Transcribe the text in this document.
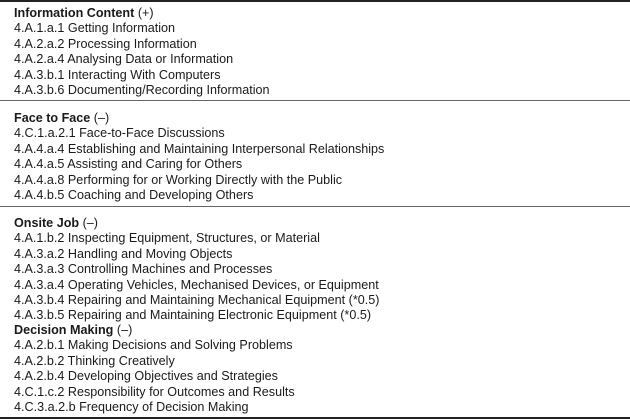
Information Content (+)
4.A.1.a.1 Getting Information
4.A.2.a.2 Processing Information
4.A.2.a.4 Analysing Data or Information
4.A.3.b.1 Interacting With Computers
4.A.3.b.6 Documenting/Recording Information
Face to Face (–)
4.C.1.a.2.1 Face-to-Face Discussions
4.A.4.a.4 Establishing and Maintaining Interpersonal Relationships
4.A.4.a.5 Assisting and Caring for Others
4.A.4.a.8 Performing for or Working Directly with the Public
4.A.4.b.5 Coaching and Developing Others
Onsite Job (–)
4.A.1.b.2 Inspecting Equipment, Structures, or Material
4.A.3.a.2 Handling and Moving Objects
4.A.3.a.3 Controlling Machines and Processes
4.A.3.a.4 Operating Vehicles, Mechanised Devices, or Equipment
4.A.3.b.4 Repairing and Maintaining Mechanical Equipment (*0.5)
4.A.3.b.5 Repairing and Maintaining Electronic Equipment (*0.5)
Decision Making (–)
4.A.2.b.1 Making Decisions and Solving Problems
4.A.2.b.2 Thinking Creatively
4.A.2.b.4 Developing Objectives and Strategies
4.C.1.c.2 Responsibility for Outcomes and Results
4.C.3.a.2.b Frequency of Decision Making
